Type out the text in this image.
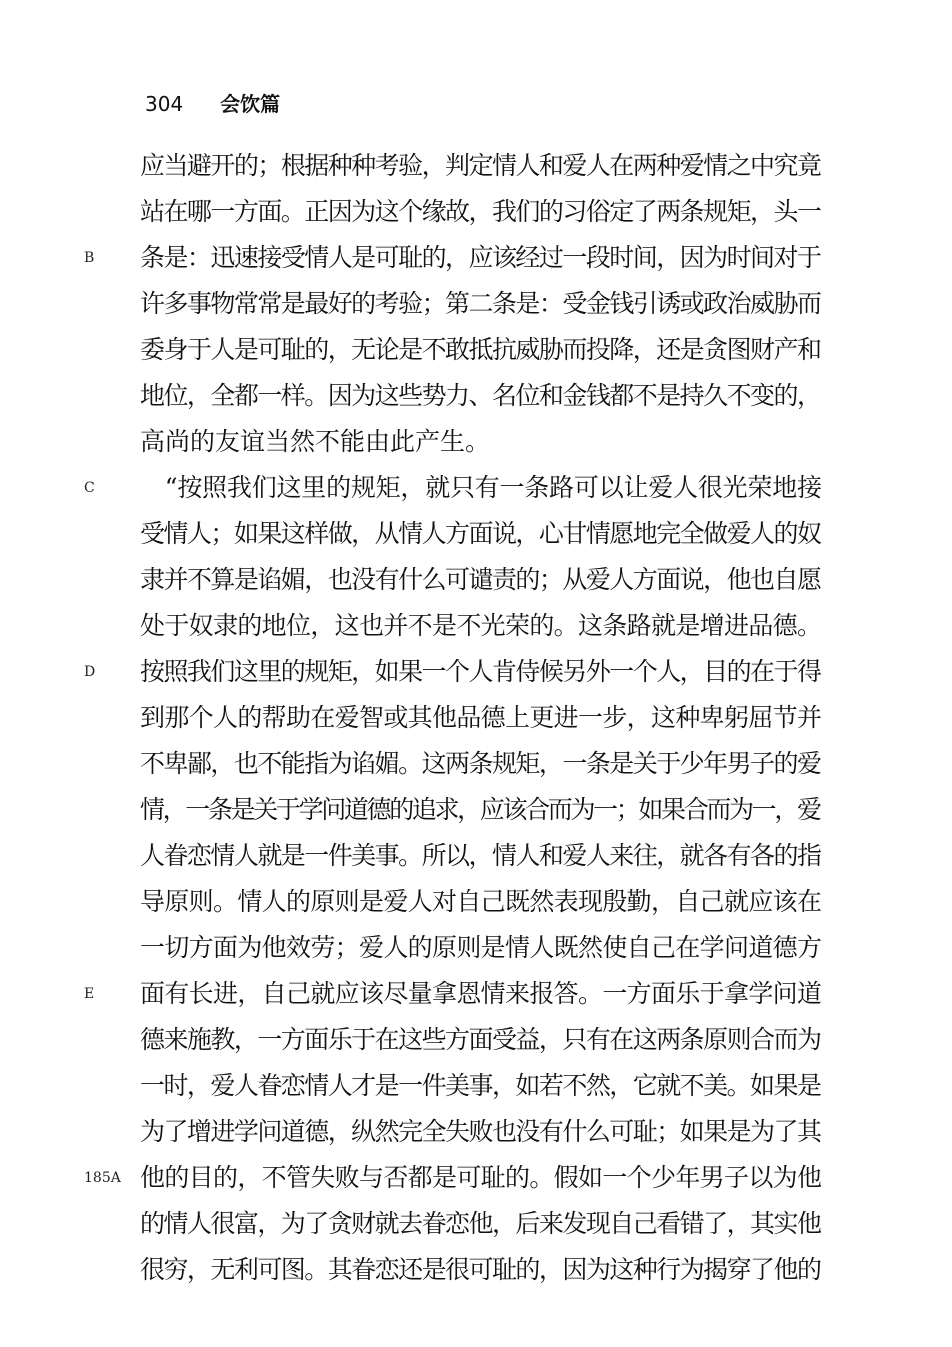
304 会饮篇
应当避开的；根据种种考验，判定情人和爱人在两种爱情之中究竟
站在哪一方面。正因为这个缘故，我们的习俗定了两条规矩，头一
B	条是：迅速接受情人是可耻的，应该经过一段时间，因为时间对于
许多事物常常是最好的考验；第二条是：受金钱引诱或政治威胁而
委身于人是可耻的，无论是不敢抵抗威胁而投降，还是贪图财产和
地位，全都一样。因为这些势力、名位和金钱都不是持久不变的，
高尚的友谊当然不能由此产生。
C	　“按照我们这里的规矩，就只有一条路可以让爱人很光荣地接
受情人；如果这样做，从情人方面说，心甘情愿地完全做爱人的奴
隶并不算是谄媚，也没有什么可谴责的；从爱人方面说，他也自愿
处于奴隶的地位，这也并不是不光荣的。这条路就是增进品德。
D	按照我们这里的规矩，如果一个人肯侍候另外一个人，目的在于得
到那个人的帮助在爱智或其他品德上更进一步，这种卑躬屈节并
不卑鄙，也不能指为谄媚。这两条规矩，一条是关于少年男子的爱
情，一条是关于学问道德的追求，应该合而为一；如果合而为一，爱
人眷恋情人就是一件美事。所以，情人和爱人来往，就各有各的指
导原则。情人的原则是爱人对自己既然表现殷勤，自己就应该在
一切方面为他效劳；爱人的原则是情人既然使自己在学问道德方
E	面有长进，自己就应该尽量拿恩情来报答。一方面乐于拿学问道
德来施教，一方面乐于在这些方面受益，只有在这两条原则合而为
一时，爱人眷恋情人才是一件美事，如若不然，它就不美。如果是
为了增进学问道德，纵然完全失败也没有什么可耻；如果是为了其
185A 他的目的，不管失败与否都是可耻的。假如一个少年男子以为他
的情人很富，为了贪财就去眷恋他，后来发现自己看错了，其实他
很穷，无利可图。其眷恋还是很可耻的，因为这种行为揭穿了他的
